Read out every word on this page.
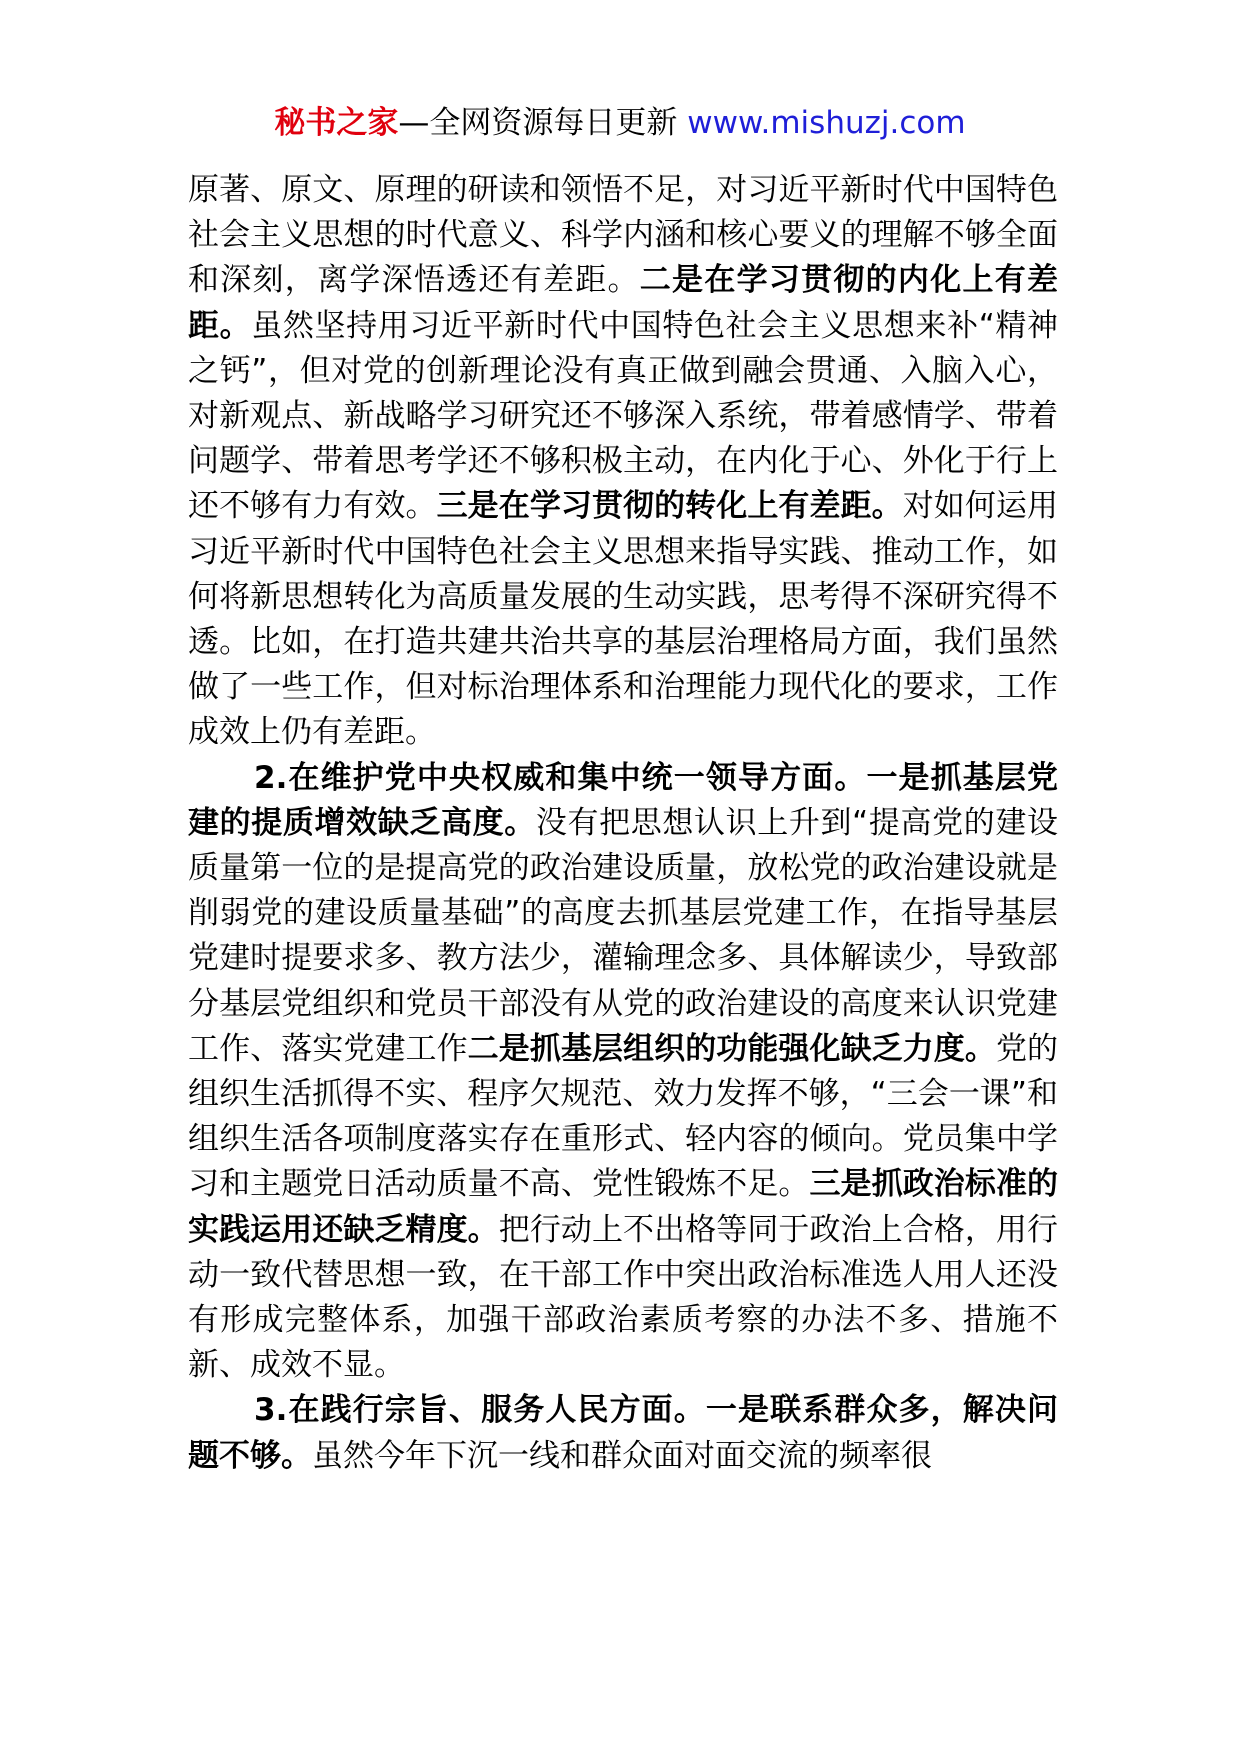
秘书之家—全网资源每日更新 www.mishuzj.com

原著、原文、原理的研读和领悟不足，对习近平新时代中国特色社会主义思想的时代意义、科学内涵和核心要义的理解不够全面和深刻，离学深悟透还有差距。二是在学习贯彻的内化上有差距。虽然坚持用习近平新时代中国特色社会主义思想来补“精神之钙”，但对党的创新理论没有真正做到融会贯通、入脑入心，对新观点、新战略学习研究还不够深入系统，带着感情学、带着问题学、带着思考学还不够积极主动，在内化于心、外化于行上还不够有力有效。三是在学习贯彻的转化上有差距。对如何运用习近平新时代中国特色社会主义思想来指导实践、推动工作，如何将新思想转化为高质量发展的生动实践，思考得不深研究得不透。比如，在打造共建共治共享的基层治理格局方面，我们虽然做了一些工作，但对标治理体系和治理能力现代化的要求，工作成效上仍有差距。

2.在维护党中央权威和集中统一领导方面。一是抓基层党建的提质增效缺乏高度。没有把思想认识上升到“提高党的建设质量第一位的是提高党的政治建设质量，放松党的政治建设就是削弱党的建设质量基础”的高度去抓基层党建工作，在指导基层党建时提要求多、教方法少，灌输理念多、具体解读少，导致部分基层党组织和党员干部没有从党的政治建设的高度来认识党建工作、落实党建工作二是抓基层组织的功能强化缺乏力度。党的组织生活抓得不实、程序欠规范、效力发挥不够，“三会一课”和组织生活各项制度落实存在重形式、轻内容的倾向。党员集中学习和主题党日活动质量不高、党性锻炼不足。三是抓政治标准的实践运用还缺乏精度。把行动上不出格等同于政治上合格，用行动一致代替思想一致，在干部工作中突出政治标准选人用人还没有形成完整体系，加强干部政治素质考察的办法不多、措施不新、成效不显。

3.在践行宗旨、服务人民方面。一是联系群众多，解决问题不够。虽然今年下沉一线和群众面对面交流的频率很
